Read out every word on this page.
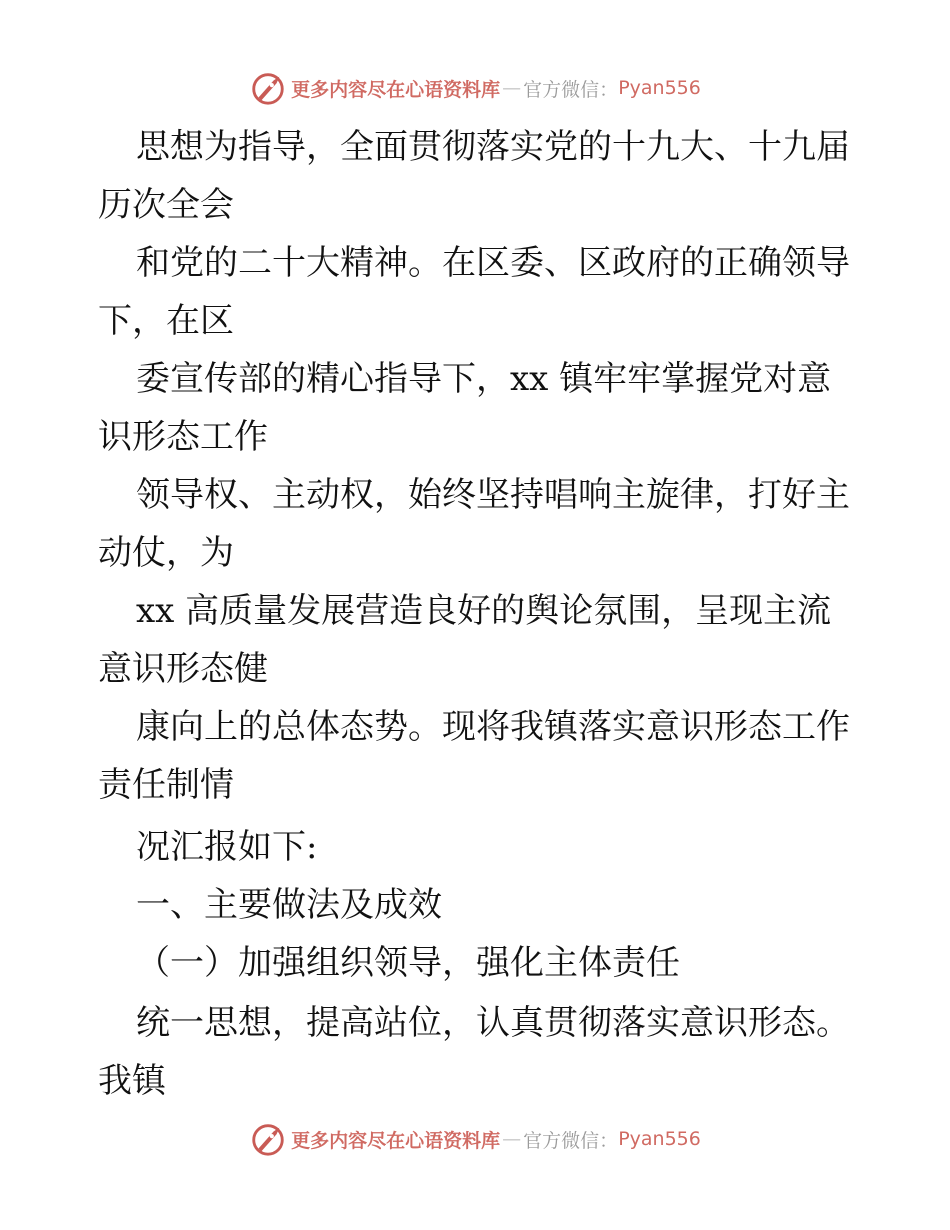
更多内容尽在心语资料库 — 官方微信： Pyan556
思想为指导，全面贯彻落实党的十九大、十九届
历次全会
和党的二十大精神。在区委、区政府的正确领导
下，在区
委宣传部的精心指导下，xx 镇牢牢掌握党对意
识形态工作
领导权、主动权，始终坚持唱响主旋律，打好主
动仗，为
xx 高质量发展营造良好的舆论氛围，呈现主流
意识形态健
康向上的总体态势。现将我镇落实意识形态工作
责任制情
况汇报如下:
一、主要做法及成效
（一）加强组织领导，强化主体责任
统一思想，提高站位，认真贯彻落实意识形态。
我镇
更多内容尽在心语资料库 — 官方微信： Pyan556
